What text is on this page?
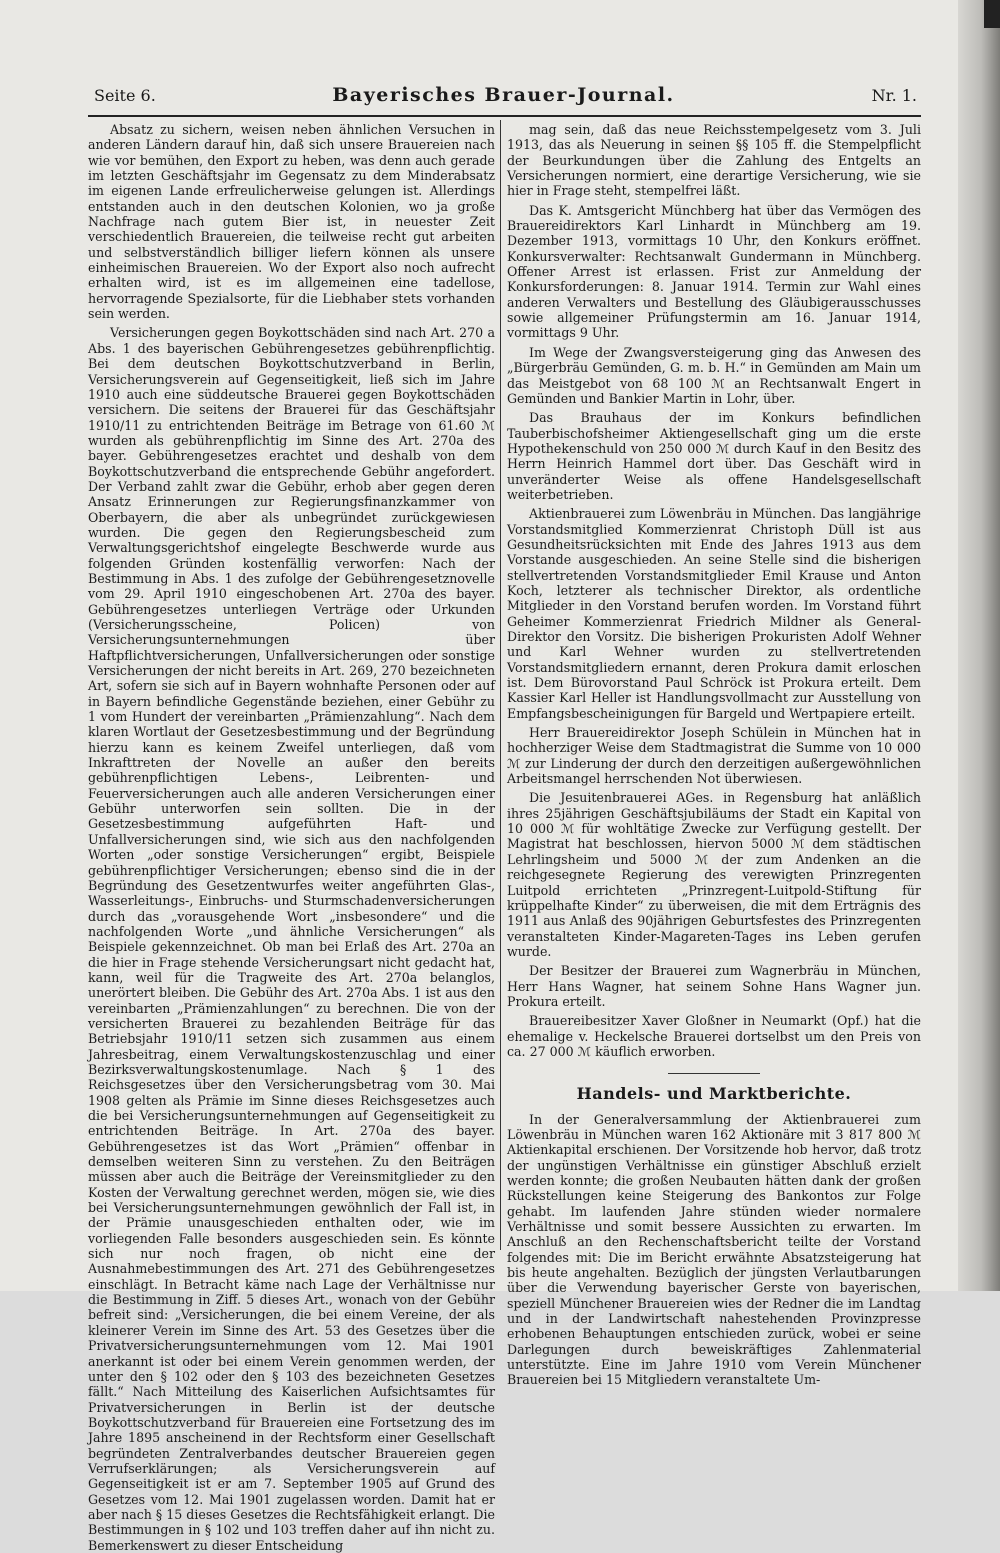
Seite 6.	Bayerisches Brauer-Journal.	Nr. 1.

Absatz zu sichern, weisen neben ähnlichen Versuchen in anderen Ländern darauf hin, daß sich unsere Brauereien nach wie vor bemühen, den Export zu heben, was denn auch gerade im letzten Geschäftsjahr im Gegensatz zu dem Minderabsatz im eigenen Lande erfreulicherweise gelungen ist. Allerdings entstanden auch in den deutschen Kolonien, wo ja große Nachfrage nach gutem Bier ist, in neuester Zeit verschiedentlich Brauereien, die teilweise recht gut arbeiten und selbstverständlich billiger liefern können als unsere einheimischen Brauereien. Wo der Export also noch aufrecht erhalten wird, ist es im allgemeinen eine tadellose, hervorragende Spezialsorte, für die Liebhaber stets vorhanden sein werden.

Versicherungen gegen Boykottschäden sind nach Art. 270 a Abs. 1 des bayerischen Gebührengesetzes gebührenpflichtig. Bei dem deutschen Boykottschutzverband in Berlin, Versicherungsverein auf Gegenseitigkeit, ließ sich im Jahre 1910 auch eine süddeutsche Brauerei gegen Boykottschäden versichern. Die seitens der Brauerei für das Geschäftsjahr 1910/11 zu entrichtenden Beiträge im Betrage von 61.60 ℳ wurden als gebührenpflichtig im Sinne des Art. 270a des bayer. Gebührengesetzes erachtet und deshalb von dem Boykottschutzverband die entsprechende Gebühr angefordert. Der Verband zahlt zwar die Gebühr, erhob aber gegen deren Ansatz Erinnerungen zur Regierungsfinanzkammer von Oberbayern, die aber als unbegründet zurückgewiesen wurden. Die gegen den Regierungsbescheid zum Verwaltungsgerichtshof eingelegte Beschwerde wurde aus folgenden Gründen kostenfällig verworfen: Nach der Bestimmung in Abs. 1 des zufolge der Gebührengesetznovelle vom 29. April 1910 eingeschobenen Art. 270a des bayer. Gebührengesetzes unterliegen Verträge oder Urkunden (Versicherungsscheine, Policen) von Versicherungsunternehmungen über Haftpflichtversicherungen, Unfallversicherungen oder sonstige Versicherungen der nicht bereits in Art. 269, 270 bezeichneten Art, sofern sie sich auf in Bayern wohnhafte Personen oder auf in Bayern befindliche Gegenstände beziehen, einer Gebühr zu 1 vom Hundert der vereinbarten „Prämienzahlung“. Nach dem klaren Wortlaut der Gesetzesbestimmung und der Begründung hierzu kann es keinem Zweifel unterliegen, daß vom Inkrafttreten der Novelle an außer den bereits gebührenpflichtigen Lebens-, Leibrenten- und Feuerversicherungen auch alle anderen Versicherungen einer Gebühr unterworfen sein sollten. Die in der Gesetzesbestimmung aufgeführten Haft- und Unfallversicherungen sind, wie sich aus den nachfolgenden Worten „oder sonstige Versicherungen“ ergibt, Beispiele gebührenpflichtiger Versicherungen; ebenso sind die in der Begründung des Gesetzentwurfes weiter angeführten Glas-, Wasserleitungs-, Einbruchs- und Sturmschadenversicherungen durch das „vorausgehende Wort „insbesondere“ und die nachfolgenden Worte „und ähnliche Versicherungen“ als Beispiele gekennzeichnet. Ob man bei Erlaß des Art. 270a an die hier in Frage stehende Versicherungsart nicht gedacht hat, kann, weil für die Tragweite des Art. 270a belanglos, unerörtert bleiben. Die Gebühr des Art. 270a Abs. 1 ist aus den vereinbarten „Prämienzahlungen“ zu berechnen. Die von der versicherten Brauerei zu bezahlenden Beiträge für das Betriebsjahr 1910/11 setzen sich zusammen aus einem Jahresbeitrag, einem Verwaltungskostenzuschlag und einer Bezirksverwaltungskostenumlage. Nach § 1 des Reichsgesetzes über den Versicherungsbetrag vom 30. Mai 1908 gelten als Prämie im Sinne dieses Reichsgesetzes auch die bei Versicherungsunternehmungen auf Gegenseitigkeit zu entrichtenden Beiträge. In Art. 270a des bayer. Gebührengesetzes ist das Wort „Prämien“ offenbar in demselben weiteren Sinn zu verstehen. Zu den Beiträgen müssen aber auch die Beiträge der Vereinsmitglieder zu den Kosten der Verwaltung gerechnet werden, mögen sie, wie dies bei Versicherungsunternehmungen gewöhnlich der Fall ist, in der Prämie unausgeschieden enthalten oder, wie im vorliegenden Falle besonders ausgeschieden sein. Es könnte sich nur noch fragen, ob nicht eine der Ausnahmebestimmungen des Art. 271 des Gebührengesetzes einschlägt. In Betracht käme nach Lage der Verhältnisse nur die Bestimmung in Ziff. 5 dieses Art., wonach von der Gebühr befreit sind: „Versicherungen, die bei einem Vereine, der als kleinerer Verein im Sinne des Art. 53 des Gesetzes über die Privatversicherungsunternehmungen vom 12. Mai 1901 anerkannt ist oder bei einem Verein genommen werden, der unter den § 102 oder den § 103 des bezeichneten Gesetzes fällt.“ Nach Mitteilung des Kaiserlichen Aufsichtsamtes für Privatversicherungen in Berlin ist der deutsche Boykottschutzverband für Brauereien eine Fortsetzung des im Jahre 1895 anscheinend in der Rechtsform einer Gesellschaft begründeten Zentralverbandes deutscher Brauereien gegen Verrufserklärungen; als Versicherungsverein auf Gegenseitigkeit ist er am 7. September 1905 auf Grund des Gesetzes vom 12. Mai 1901 zugelassen worden. Damit hat er aber nach § 15 dieses Gesetzes die Rechtsfähigkeit erlangt. Die Bestimmungen in § 102 und 103 treffen daher auf ihn nicht zu. Bemerkenswert zu dieser Entscheidung

mag sein, daß das neue Reichsstempelgesetz vom 3. Juli 1913, das als Neuerung in seinen §§ 105 ff. die Stempelpflicht der Beurkundungen über die Zahlung des Entgelts an Versicherungen normiert, eine derartige Versicherung, wie sie hier in Frage steht, stempelfrei läßt.

Das K. Amtsgericht Münchberg hat über das Vermögen des Brauereidirektors Karl Linhardt in Münchberg am 19. Dezember 1913, vormittags 10 Uhr, den Konkurs eröffnet. Konkursverwalter: Rechtsanwalt Gundermann in Münchberg. Offener Arrest ist erlassen. Frist zur Anmeldung der Konkursforderungen: 8. Januar 1914. Termin zur Wahl eines anderen Verwalters und Bestellung des Gläubigerausschusses sowie allgemeiner Prüfungstermin am 16. Januar 1914, vormittags 9 Uhr.

Im Wege der Zwangsversteigerung ging das Anwesen des „Bürgerbräu Gemünden, G. m. b. H.“ in Gemünden am Main um das Meistgebot von 68 100 ℳ an Rechtsanwalt Engert in Gemünden und Bankier Martin in Lohr, über.

Das Brauhaus der im Konkurs befindlichen Tauberbischofsheimer Aktiengesellschaft ging um die erste Hypothekenschuld von 250 000 ℳ durch Kauf in den Besitz des Herrn Heinrich Hammel dort über. Das Geschäft wird in unveränderter Weise als offene Handelsgesellschaft weiterbetrieben.

Aktienbrauerei zum Löwenbräu in München. Das langjährige Vorstandsmitglied Kommerzienrat Christoph Düll ist aus Gesundheitsrücksichten mit Ende des Jahres 1913 aus dem Vorstande ausgeschieden. An seine Stelle sind die bisherigen stellvertretenden Vorstandsmitglieder Emil Krause und Anton Koch, letzterer als technischer Direktor, als ordentliche Mitglieder in den Vorstand berufen worden. Im Vorstand führt Geheimer Kommerzienrat Friedrich Mildner als General-Direktor den Vorsitz. Die bisherigen Prokuristen Adolf Wehner und Karl Wehner wurden zu stellvertretenden Vorstandsmitgliedern ernannt, deren Prokura damit erloschen ist. Dem Bürovorstand Paul Schröck ist Prokura erteilt. Dem Kassier Karl Heller ist Handlungsvollmacht zur Ausstellung von Empfangsbescheinigungen für Bargeld und Wertpapiere erteilt.

Herr Brauereidirektor Joseph Schülein in München hat in hochherziger Weise dem Stadtmagistrat die Summe von 10 000 ℳ zur Linderung der durch den derzeitigen außergewöhnlichen Arbeitsmangel herrschenden Not überwiesen.

Die Jesuitenbrauerei AGes. in Regensburg hat anläßlich ihres 25jährigen Geschäftsjubiläums der Stadt ein Kapital von 10 000 ℳ für wohltätige Zwecke zur Verfügung gestellt. Der Magistrat hat beschlossen, hiervon 5000 ℳ dem städtischen Lehrlingsheim und 5000 ℳ der zum Andenken an die reichgesegnete Regierung des verewigten Prinzregenten Luitpold errichteten „Prinzregent-Luitpold-Stiftung für krüppelhafte Kinder“ zu überweisen, die mit dem Erträgnis des 1911 aus Anlaß des 90jährigen Geburtsfestes des Prinzregenten veranstalteten Kinder-Magareten-Tages ins Leben gerufen wurde.

Der Besitzer der Brauerei zum Wagnerbräu in München, Herr Hans Wagner, hat seinem Sohne Hans Wagner jun. Prokura erteilt.

Brauereibesitzer Xaver Gloßner in Neumarkt (Opf.) hat die ehemalige v. Heckelsche Brauerei dortselbst um den Preis von ca. 27 000 ℳ käuflich erworben.

Handels- und Marktberichte.

In der Generalversammlung der Aktienbrauerei zum Löwenbräu in München waren 162 Aktionäre mit 3 817 800 ℳ Aktienkapital erschienen. Der Vorsitzende hob hervor, daß trotz der ungünstigen Verhältnisse ein günstiger Abschluß erzielt werden konnte; die großen Neubauten hätten dank der großen Rückstellungen keine Steigerung des Bankontos zur Folge gehabt. Im laufenden Jahre stünden wieder normalere Verhältnisse und somit bessere Aussichten zu erwarten. Im Anschluß an den Rechenschaftsbericht teilte der Vorstand folgendes mit: Die im Bericht erwähnte Absatzsteigerung hat bis heute angehalten. Bezüglich der jüngsten Verlautbarungen über die Verwendung bayerischer Gerste von bayerischen, speziell Münchener Brauereien wies der Redner die im Landtag und in der Landwirtschaft nahestehenden Provinzpresse erhobenen Behauptungen entschieden zurück, wobei er seine Darlegungen durch beweiskräftiges Zahlenmaterial unterstützte. Eine im Jahre 1910 vom Verein Münchener Brauereien bei 15 Mitgliedern veranstaltete Um-
